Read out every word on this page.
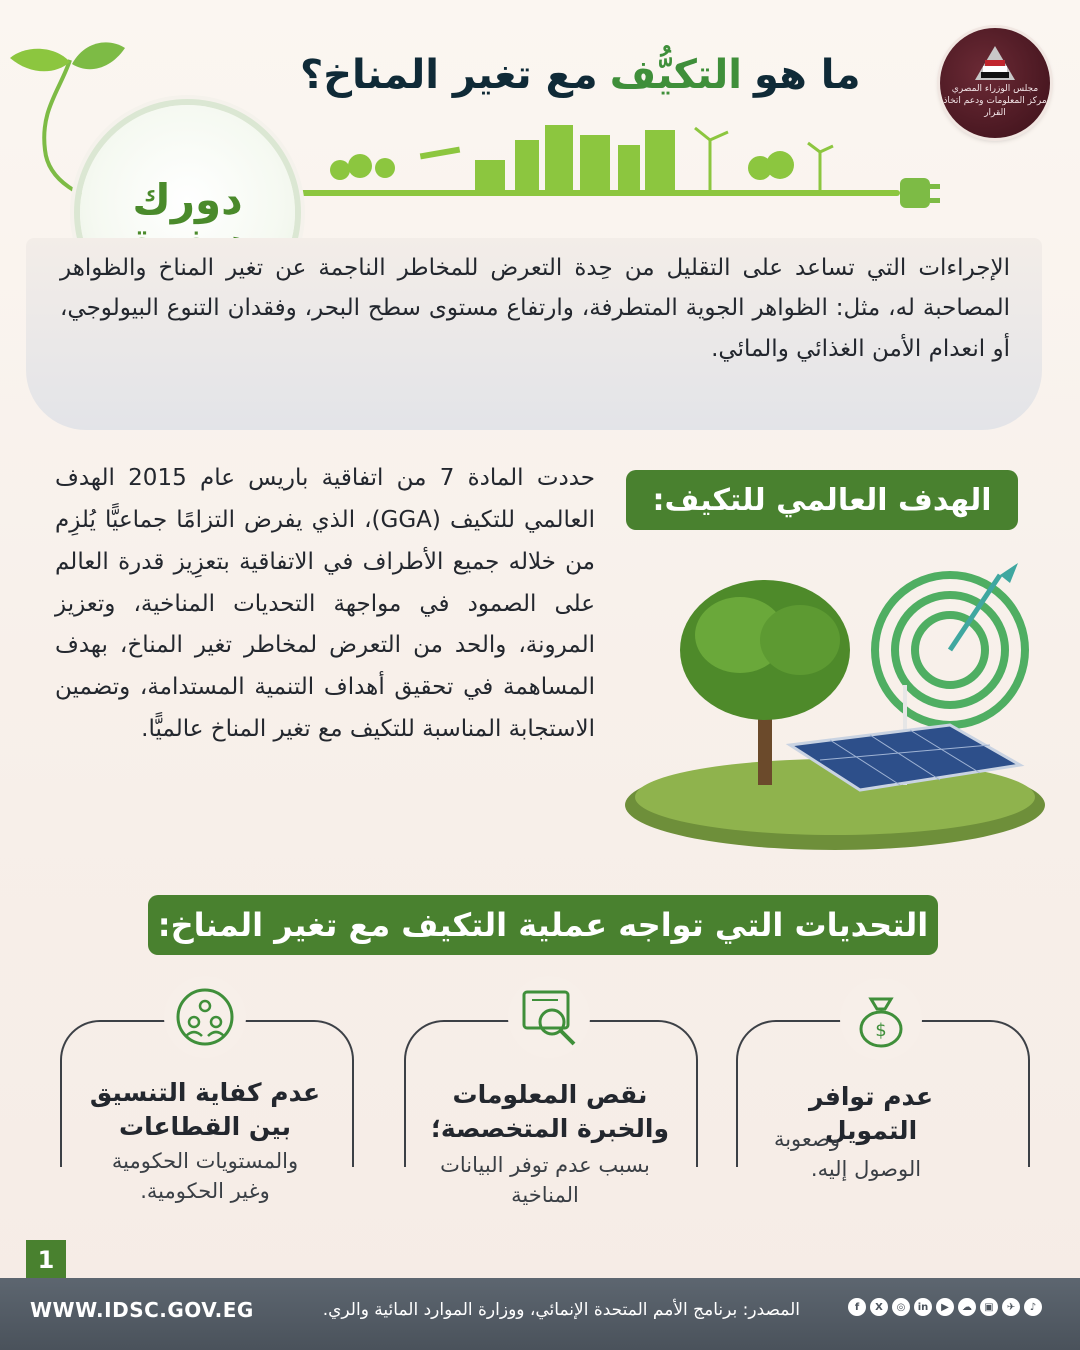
ما هو
التكيُّف
مع تغير المناخ؟	مجلس الوزراء المصري
مركز المعلومات ودعم اتخاذ القرار
دورك
الإجراءات التي تساعد على التقليل من حِدة التعرض للمخاطر الناجمة عن تغير المناخ والظواهر المصاحبة له، مثل: الظواهر الجوية المتطرفة، وارتفاع مستوى سطح البحر، وفقدان التنوع البيولوجي، أو انعدام الأمن الغذائي والمائي.
الهدف العالمي للتكيف:
حددت المادة 7 من اتفاقية باريس عام 2015 الهدف العالمي للتكيف (GGA)، الذي يفرض التزامًا جماعيًّا يُلزِم من خلاله جميع الأطراف في الاتفاقية بتعزِيز قدرة العالم على الصمود في مواجهة التحديات المناخية، وتعزيز المرونة، والحد من التعرض لمخاطر تغير المناخ، بهدف المساهمة في تحقيق أهداف التنمية المستدامة، وتضمين الاستجابة المناسبة للتكيف مع تغير المناخ عالميًّا.
التحديات التي تواجه عملية التكيف مع تغير المناخ:
$
عدم توافر التمويل
وصعوبة
الوصول إليه.
نقص المعلومات والخبرة المتخصصة؛
بسبب عدم توفر البيانات المناخية
عدم كفاية التنسيق بين القطاعات
والمستويات الحكومية وغير الحكومية.
1
WWW.IDSC.GOV.EG	المصدر: برنامج الأمم المتحدة الإنمائي، ووزارة الموارد المائية والري.	f	X	◎	in	▶	☁	▣	✈	♪
